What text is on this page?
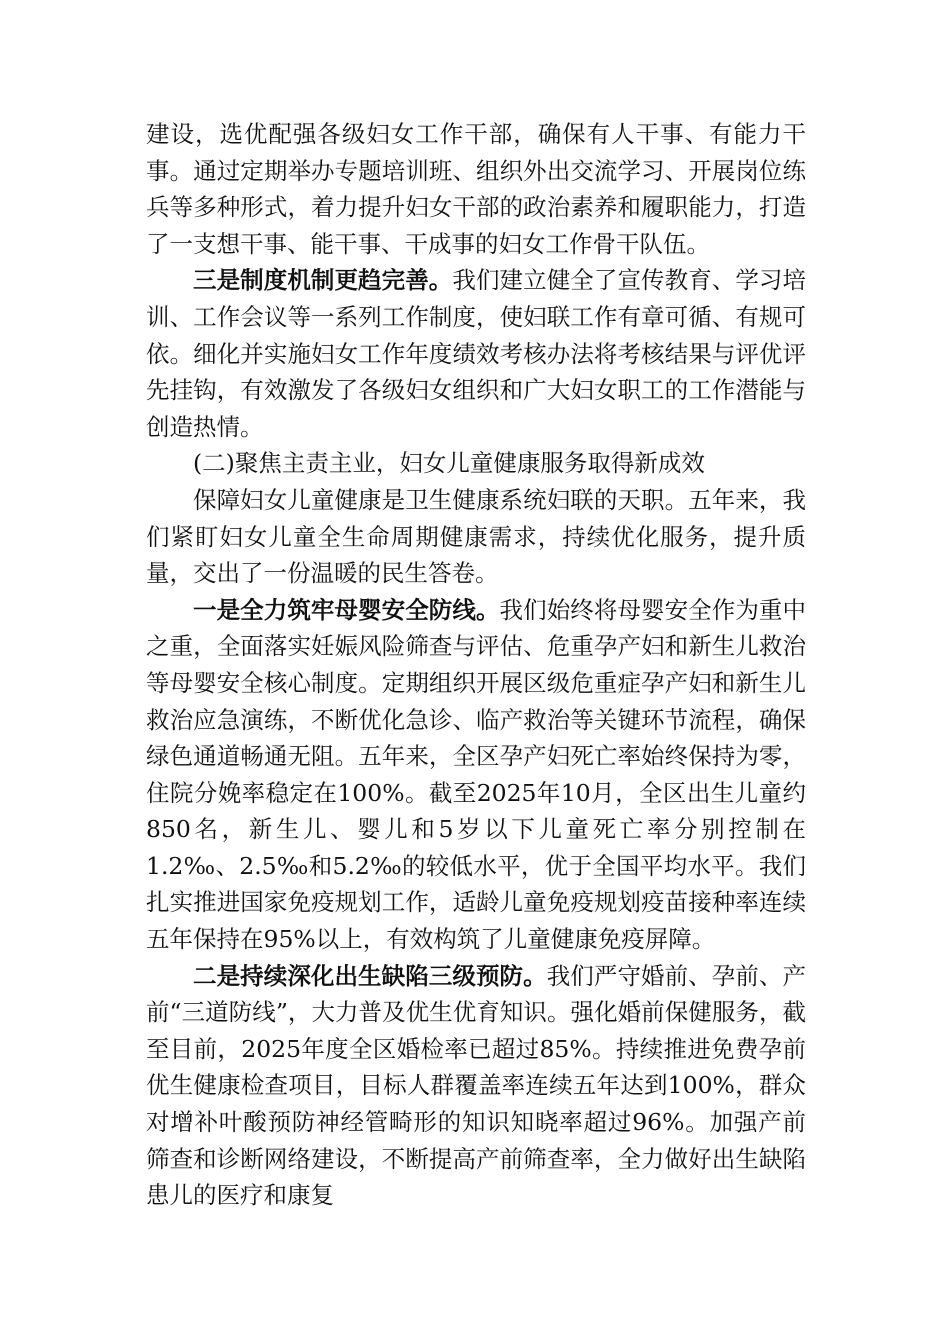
建设，选优配强各级妇女工作干部，确保有人干事、有能力干事。通过定期举办专题培训班、组织外出交流学习、开展岗位练兵等多种形式，着力提升妇女干部的政治素养和履职能力，打造了一支想干事、能干事、干成事的妇女工作骨干队伍。

三是制度机制更趋完善。我们建立健全了宣传教育、学习培训、工作会议等一系列工作制度，使妇联工作有章可循、有规可依。细化并实施妇女工作年度绩效考核办法将考核结果与评优评先挂钩，有效激发了各级妇女组织和广大妇女职工的工作潜能与创造热情。

(二)聚焦主责主业，妇女儿童健康服务取得新成效

保障妇女儿童健康是卫生健康系统妇联的天职。五年来，我们紧盯妇女儿童全生命周期健康需求，持续优化服务，提升质量，交出了一份温暖的民生答卷。

一是全力筑牢母婴安全防线。我们始终将母婴安全作为重中之重，全面落实妊娠风险筛查与评估、危重孕产妇和新生儿救治等母婴安全核心制度。定期组织开展区级危重症孕产妇和新生儿救治应急演练，不断优化急诊、临产救治等关键环节流程，确保绿色通道畅通无阻。五年来，全区孕产妇死亡率始终保持为零，住院分娩率稳定在100%。截至2025年10月，全区出生儿童约850名，新生儿、婴儿和5岁以下儿童死亡率分别控制在1.2‰、2.5‰和5.2‰的较低水平，优于全国平均水平。我们扎实推进国家免疫规划工作，适龄儿童免疫规划疫苗接种率连续五年保持在95%以上，有效构筑了儿童健康免疫屏障。

二是持续深化出生缺陷三级预防。我们严守婚前、孕前、产前“三道防线”，大力普及优生优育知识。强化婚前保健服务，截至目前，2025年度全区婚检率已超过85%。持续推进免费孕前优生健康检查项目，目标人群覆盖率连续五年达到100%，群众对增补叶酸预防神经管畸形的知识知晓率超过96%。加强产前筛查和诊断网络建设，不断提高产前筛查率，全力做好出生缺陷患儿的医疗和康复
